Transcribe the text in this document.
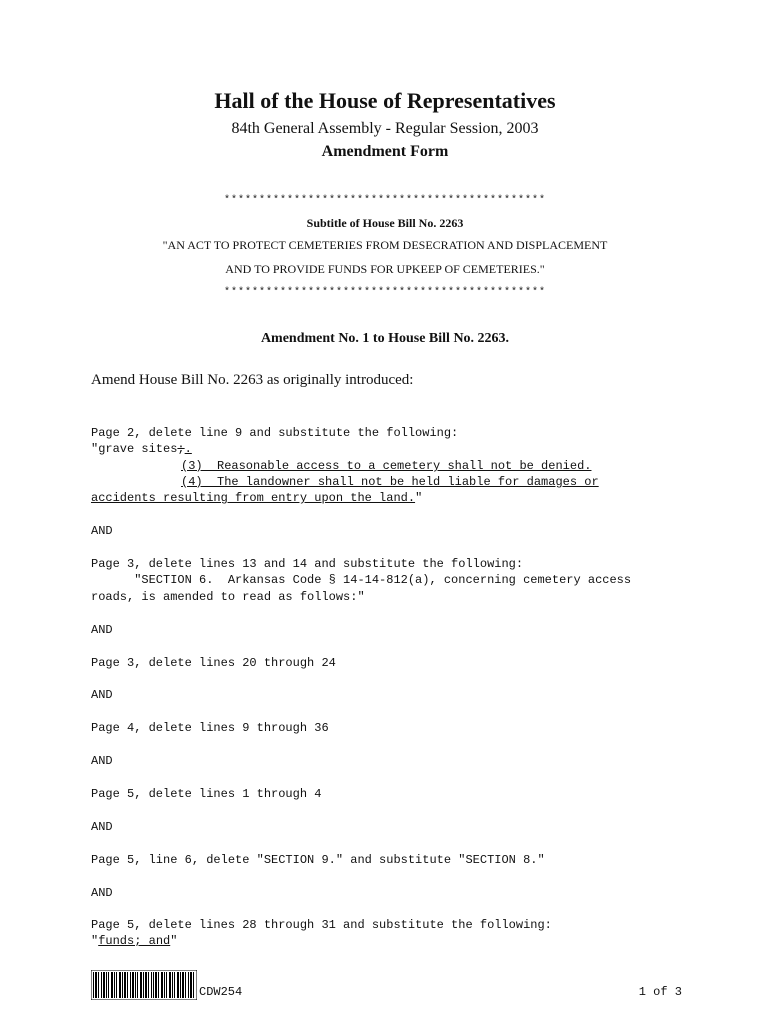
Hall of the House of Representatives
84th General Assembly - Regular Session, 2003
Amendment Form
**********************************************
Subtitle of House Bill No. 2263
"AN ACT TO PROTECT CEMETERIES FROM DESECRATION AND DISPLACEMENT
AND TO PROVIDE FUNDS FOR UPKEEP OF CEMETERIES."
**********************************************
Amendment No. 1 to House Bill No. 2263.
Amend House Bill No. 2263 as originally introduced:
Page 2, delete line 9 and substitute the following:
"grave sites;.
(3)  Reasonable access to a cemetery shall not be denied.
(4)  The landowner shall not be held liable for damages or
accidents resulting from entry upon the land."
AND
Page 3, delete lines 13 and 14 and substitute the following:
"SECTION 6.  Arkansas Code § 14-14-812(a), concerning cemetery access
roads, is amended to read as follows:"
AND
Page 3, delete lines 20 through 24
AND
Page 4, delete lines 9 through 36
AND
Page 5, delete lines 1 through 4
AND
Page 5, line 6, delete "SECTION 9." and substitute "SECTION 8."
AND
Page 5, delete lines 28 through 31 and substitute the following:
"funds; and"
CDW254	1 of 3
